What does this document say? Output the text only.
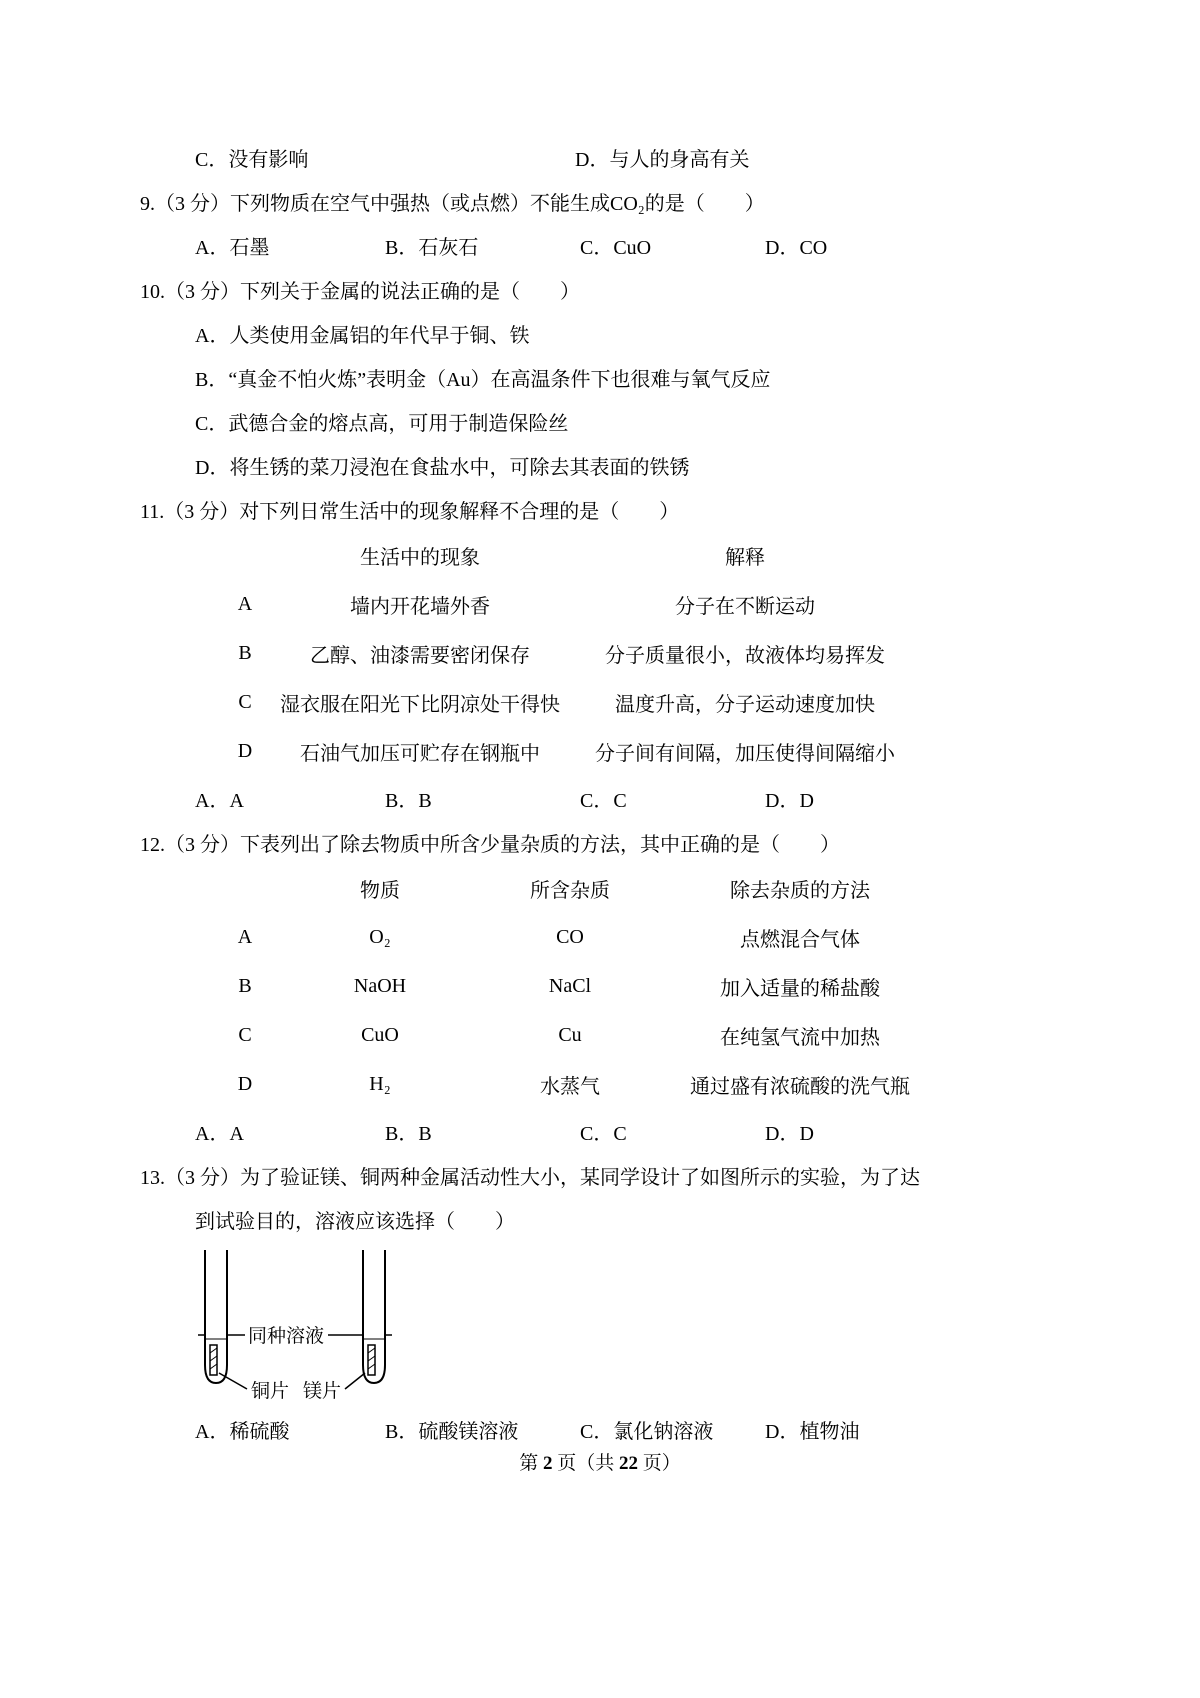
C．没有影响	D．与人的身高有关
9.（3 分）下列物质在空气中强热（或点燃）不能生成CO₂的是（　　）
A．石墨	B．石灰石	C．CuO	D．CO
10.（3 分）下列关于金属的说法正确的是（　　）
A．人类使用金属铝的年代早于铜、铁
B．“真金不怕火炼”表明金（Au）在高温条件下也很难与氧气反应
C．武德合金的熔点高，可用于制造保险丝
D．将生锈的菜刀浸泡在食盐水中，可除去其表面的铁锈
11.（3 分）对下列日常生活中的现象解释不合理的是（　　）
生活中的现象	解释
A	墙内开花墙外香	分子在不断运动
B	乙醇、油漆需要密闭保存	分子质量很小，故液体均易挥发
C	湿衣服在阳光下比阴凉处干得快	温度升高，分子运动速度加快
D	石油气加压可贮存在钢瓶中	分子间有间隔，加压使得间隔缩小
A．A	B．B	C．C	D．D
12.（3 分）下表列出了除去物质中所含少量杂质的方法，其中正确的是（　　）
物质	所含杂质	除去杂质的方法
A	O₂	CO	点燃混合气体
B	NaOH	NaCl	加入适量的稀盐酸
C	CuO	Cu	在纯氢气流中加热
D	H₂	水蒸气	通过盛有浓硫酸的洗气瓶
A．A	B．B	C．C	D．D
13.（3 分）为了验证镁、铜两种金属活动性大小，某同学设计了如图所示的实验，为了达
到试验目的，溶液应该选择（　　）
同种溶液
铜片 镁片
A．稀硫酸	B．硫酸镁溶液	C．氯化钠溶液	D．植物油
第 2 页（共 22 页）
